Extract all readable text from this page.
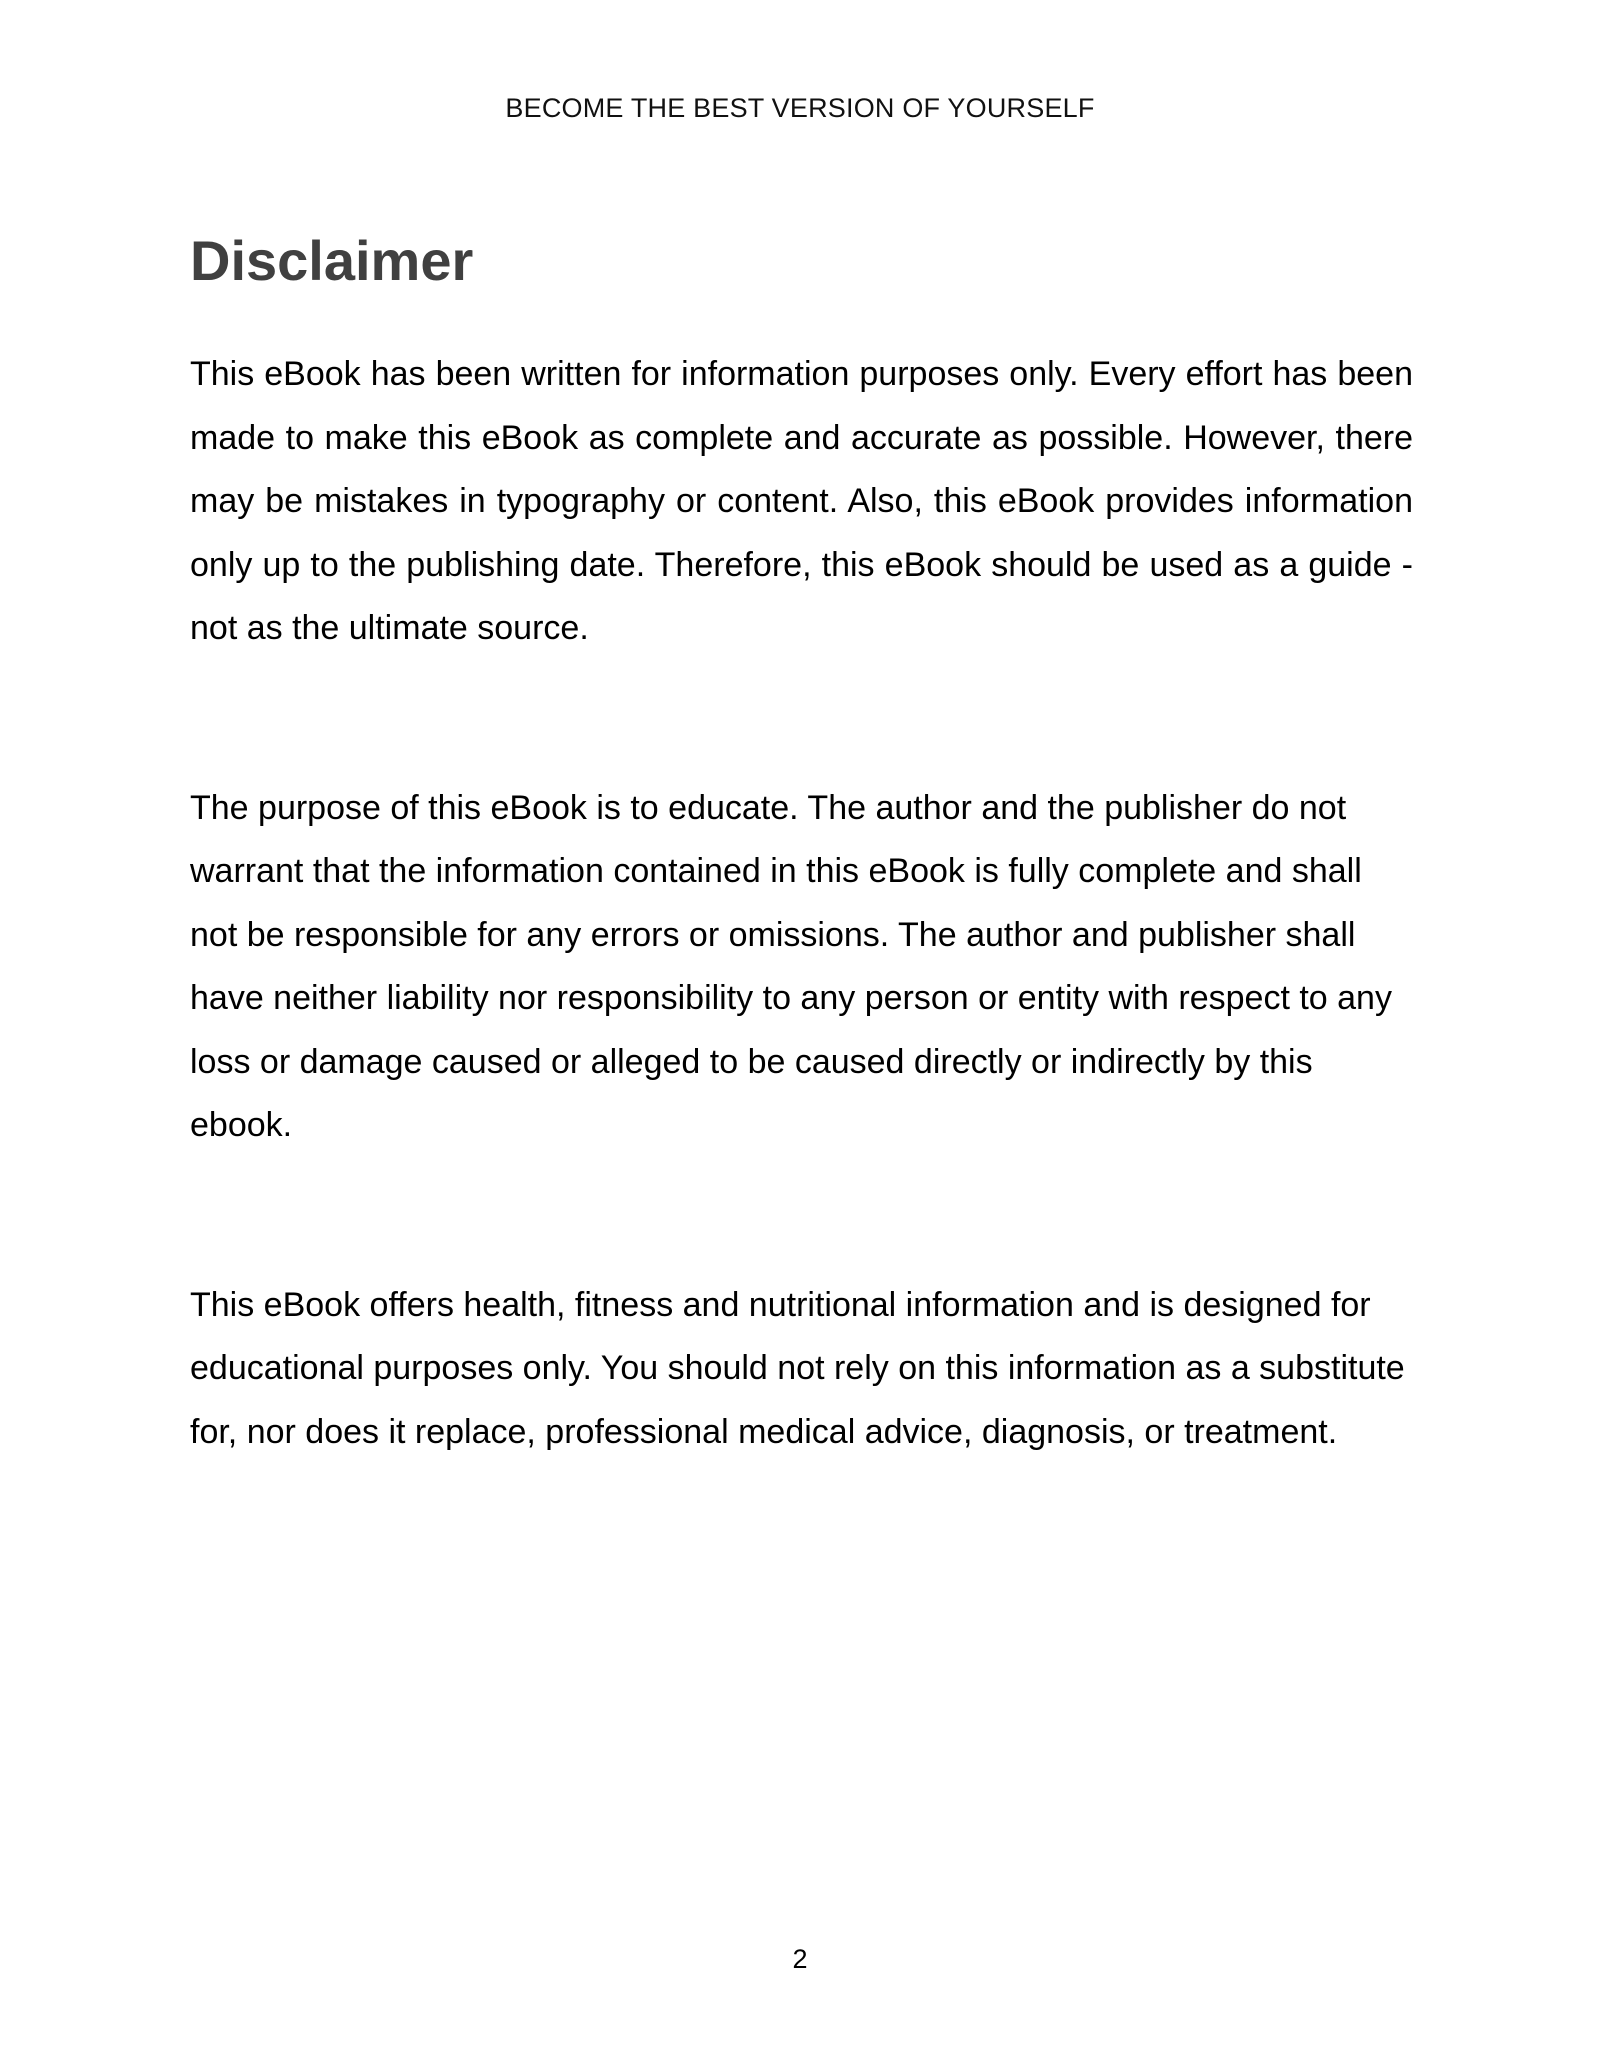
BECOME THE BEST VERSION OF YOURSELF
Disclaimer

This eBook has been written for information purposes only. Every effort has been made to make this eBook as complete and accurate as possible. However, there may be mistakes in typography or content. Also, this eBook provides information only up to the publishing date. Therefore, this eBook should be used as a guide - not as the ultimate source.

The purpose of this eBook is to educate. The author and the publisher do not warrant that the information contained in this eBook is fully complete and shall not be responsible for any errors or omissions. The author and publisher shall have neither liability nor responsibility to any person or entity with respect to any loss or damage caused or alleged to be caused directly or indirectly by this ebook.

This eBook offers health, fitness and nutritional information and is designed for educational purposes only. You should not rely on this information as a substitute for, nor does it replace, professional medical advice, diagnosis, or treatment.

2
